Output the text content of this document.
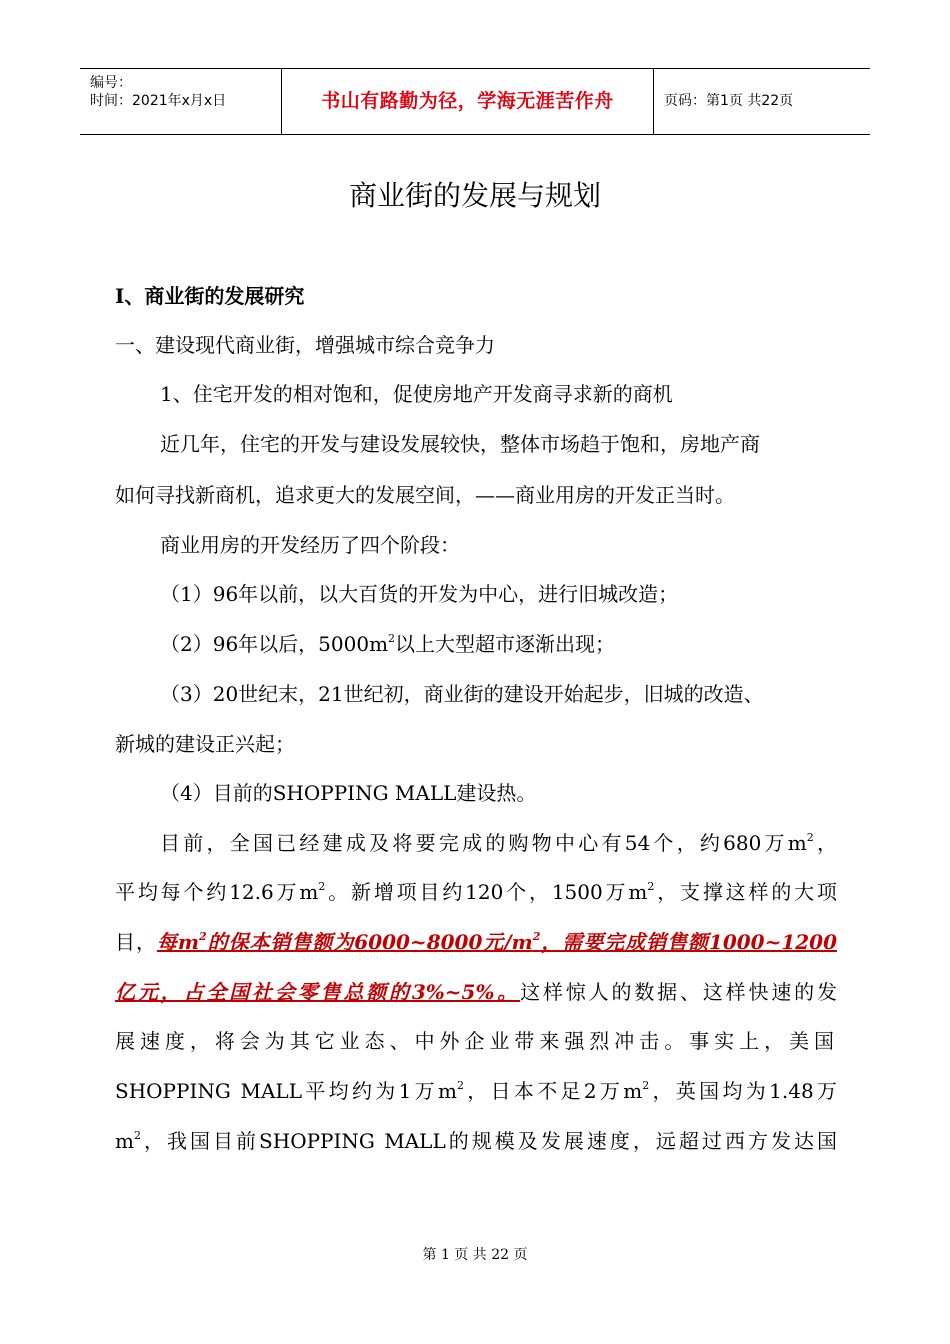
编号：
时间：2021年x月x日	书山有路勤为径，学海无涯苦作舟	页码：第1页 共22页
商业街的发展与规划
I、商业街的发展研究
一、建设现代商业街，增强城市综合竞争力
1、住宅开发的相对饱和，促使房地产开发商寻求新的商机
近几年，住宅的开发与建设发展较快，整体市场趋于饱和，房地产商
如何寻找新商机，追求更大的发展空间，——商业用房的开发正当时。
商业用房的开发经历了四个阶段：
（1）96年以前，以大百货的开发为中心，进行旧城改造；
（2）96年以后，$5000m^2$以上大型超市逐渐出现；
（3）20世纪末，21世纪初，商业街的建设开始起步，旧城的改造、
新城的建设正兴起；
（4）目前的SHOPPING MALL建设热。
目前，全国已经建成及将要完成的购物中心有54个，约680万$m^2$，
平均每个约12.6万$m^2$。新增项目约120个，1500万$m^2$，支撑这样的大项
目，每$m^2$的保本销售额为6000~8000元$/m^2$，需要完成销售额1000~1200
亿元，占全国社会零售总额的3%~5%。这样惊人的数据、这样快速的发
展速度，将会为其它业态、中外企业带来强烈冲击。事实上，美国
SHOPPING MALL平均约为1万$m^2$，日本不足2万$m^2$，英国均为1.48万
$m^2$，我国目前SHOPPING MALL的规模及发展速度，远超过西方发达国
第 1 页 共 22 页
